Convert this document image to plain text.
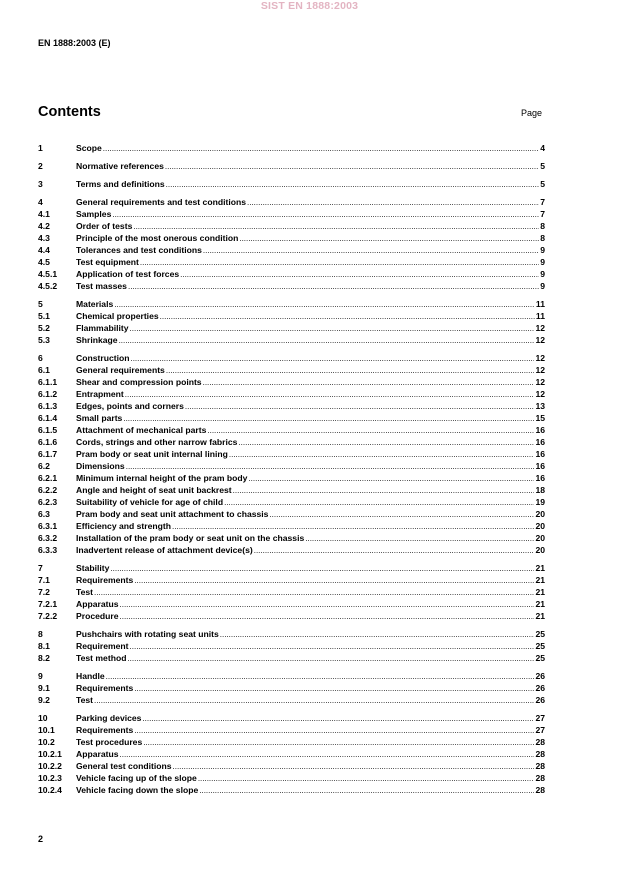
SIST EN 1888:2003
EN 1888:2003 (E)
Contents	Page
1	Scope .....	4
2	Normative references .....	5
3	Terms and definitions .....	5
4	General requirements and test conditions .....	7
4.1	Samples .....	7
4.2	Order of tests .....	8
4.3	Principle of the most onerous condition .....	8
4.4	Tolerances and test conditions .....	9
4.5	Test equipment .....	9
4.5.1	Application of test forces .....	9
4.5.2	Test masses .....	9
5	Materials .....	11
5.1	Chemical properties .....	11
5.2	Flammability .....	12
5.3	Shrinkage .....	12
6	Construction .....	12
6.1	General requirements .....	12
6.1.1	Shear and compression points .....	12
6.1.2	Entrapment .....	12
6.1.3	Edges, points and corners .....	13
6.1.4	Small parts .....	15
6.1.5	Attachment of mechanical parts .....	16
6.1.6	Cords, strings and other narrow fabrics .....	16
6.1.7	Pram body or seat unit internal lining .....	16
6.2	Dimensions .....	16
6.2.1	Minimum internal height of the pram body .....	16
6.2.2	Angle and height of seat unit backrest .....	18
6.2.3	Suitability of vehicle for age of child .....	19
6.3	Pram body and seat unit attachment to chassis .....	20
6.3.1	Efficiency and strength .....	20
6.3.2	Installation of the pram body or seat unit on the chassis .....	20
6.3.3	Inadvertent release of attachment device(s) .....	20
7	Stability .....	21
7.1	Requirements .....	21
7.2	Test .....	21
7.2.1	Apparatus .....	21
7.2.2	Procedure .....	21
8	Pushchairs with rotating seat units .....	25
8.1	Requirement .....	25
8.2	Test method .....	25
9	Handle .....	26
9.1	Requirements .....	26
9.2	Test .....	26
10	Parking devices .....	27
10.1	Requirements .....	27
10.2	Test procedures .....	28
10.2.1	Apparatus .....	28
10.2.2	General test conditions .....	28
10.2.3	Vehicle facing up of the slope .....	28
10.2.4	Vehicle facing down the slope .....	28
2
